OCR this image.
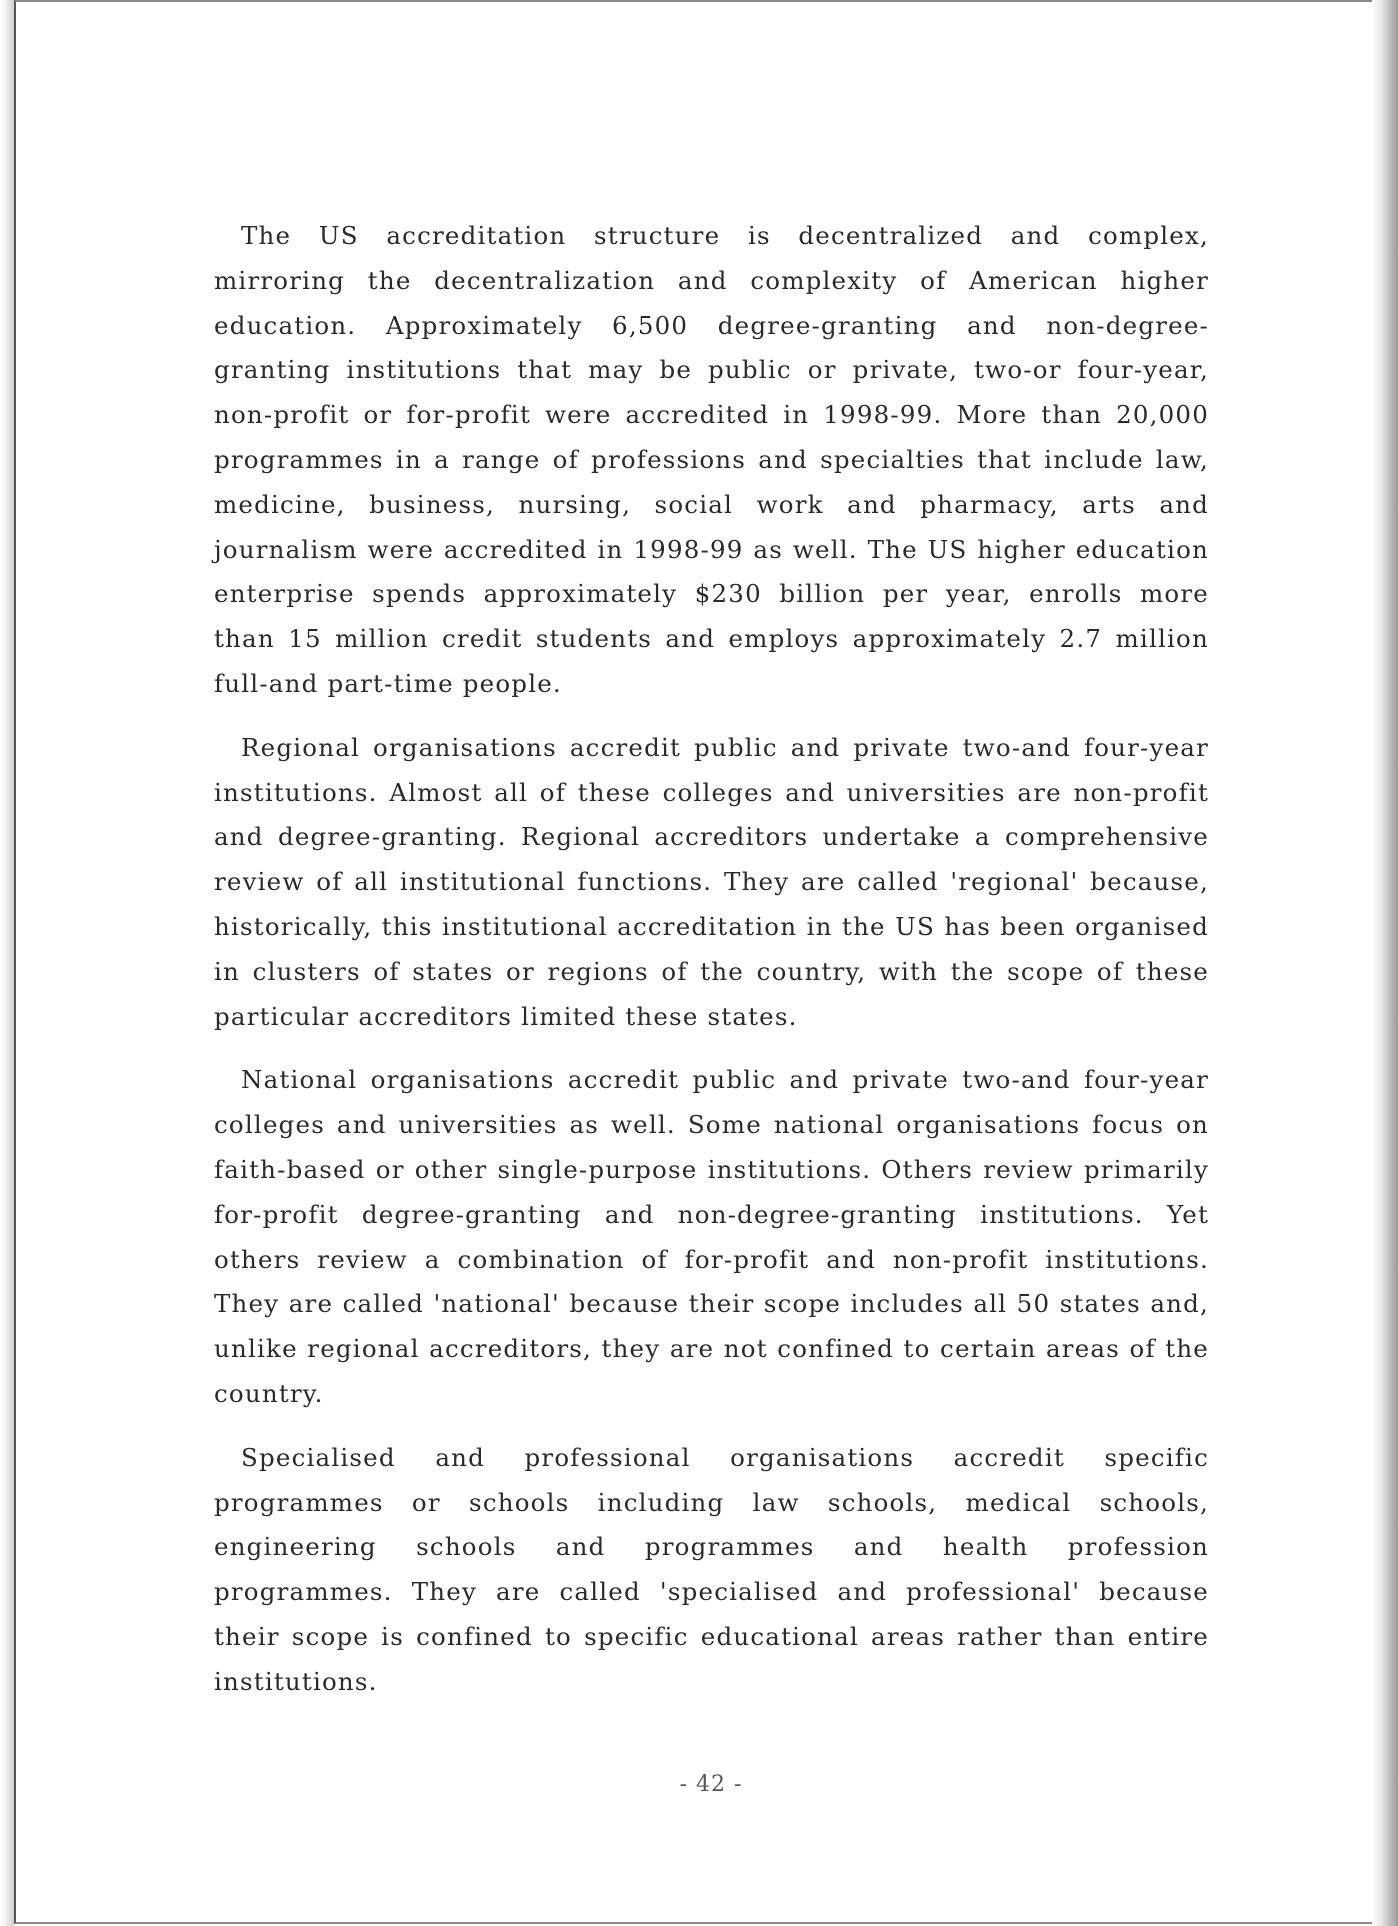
The US accreditation structure is decentralized and complex, mirroring the decentralization and complexity of American higher education. Approximately 6,500 degree-granting and non-degree-granting institutions that may be public or private, two-or four-year, non-profit or for-profit were accredited in 1998-99. More than 20,000 programmes in a range of professions and specialties that include law, medicine, business, nursing, social work and pharmacy, arts and journalism were accredited in 1998-99 as well. The US higher education enterprise spends approximately $230 billion per year, enrolls more than 15 million credit students and employs approximately 2.7 million full-and part-time people.

Regional organisations accredit public and private two-and four-year institutions. Almost all of these colleges and universities are non-profit and degree-granting. Regional accreditors undertake a comprehensive review of all institutional functions. They are called 'regional' because, historically, this institutional accreditation in the US has been organised in clusters of states or regions of the country, with the scope of these particular accreditors limited these states.

National organisations accredit public and private two-and four-year colleges and universities as well. Some national organisations focus on faith-based or other single-purpose institutions. Others review primarily for-profit degree-granting and non-degree-granting institutions. Yet others review a combination of for-profit and non-profit institutions. They are called 'national' because their scope includes all 50 states and, unlike regional accreditors, they are not confined to certain areas of the country.

Specialised and professional organisations accredit specific programmes or schools including law schools, medical schools, engineering schools and programmes and health profession programmes. They are called 'specialised and professional' because their scope is confined to specific educational areas rather than entire institutions.

- 42 -
